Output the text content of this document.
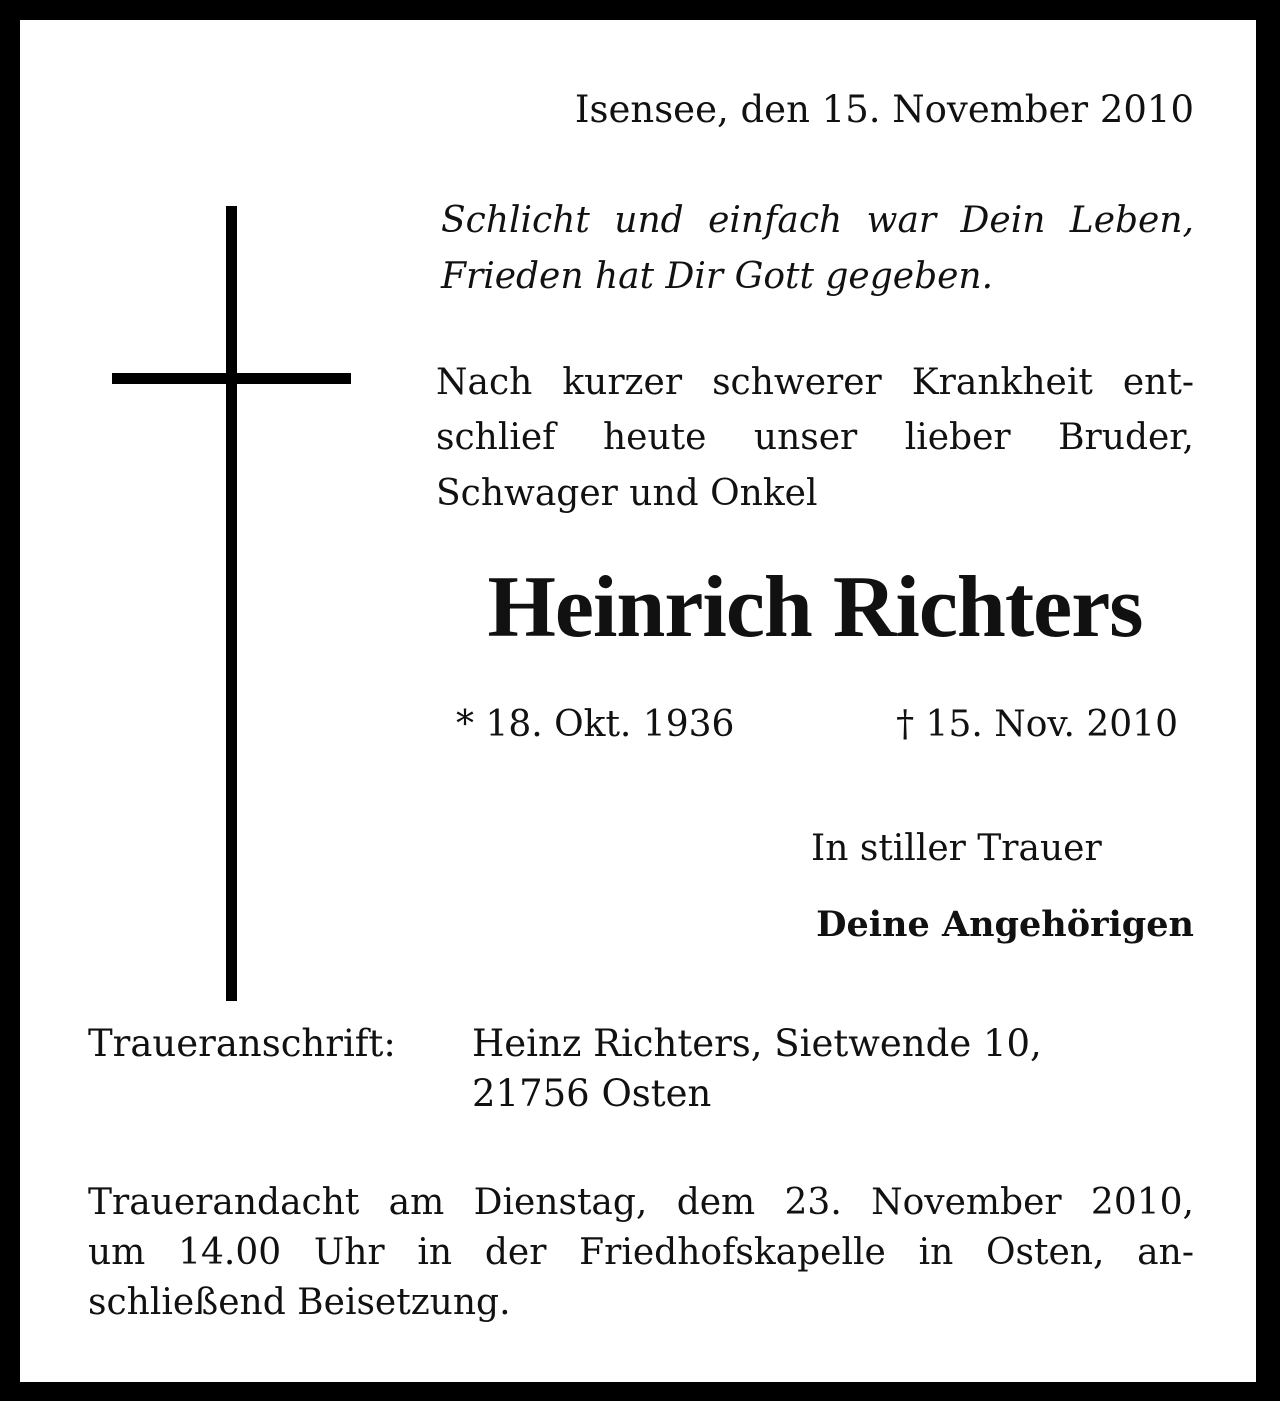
Isensee, den 15. November 2010
Schlicht und einfach war Dein Leben,
Frieden hat Dir Gott gegeben.
Nach kurzer schwerer Krankheit ent-
schlief heute unser lieber Bruder,
Schwager und Onkel
Heinrich Richters
* 18. Okt. 1936	† 15. Nov. 2010
In stiller Trauer
Deine Angehörigen
Traueranschrift: Heinz Richters, Sietwende 10,
21756 Osten
Trauerandacht am Dienstag, dem 23. November 2010,
um 14.00 Uhr in der Friedhofskapelle in Osten, an-
schließend Beisetzung.
